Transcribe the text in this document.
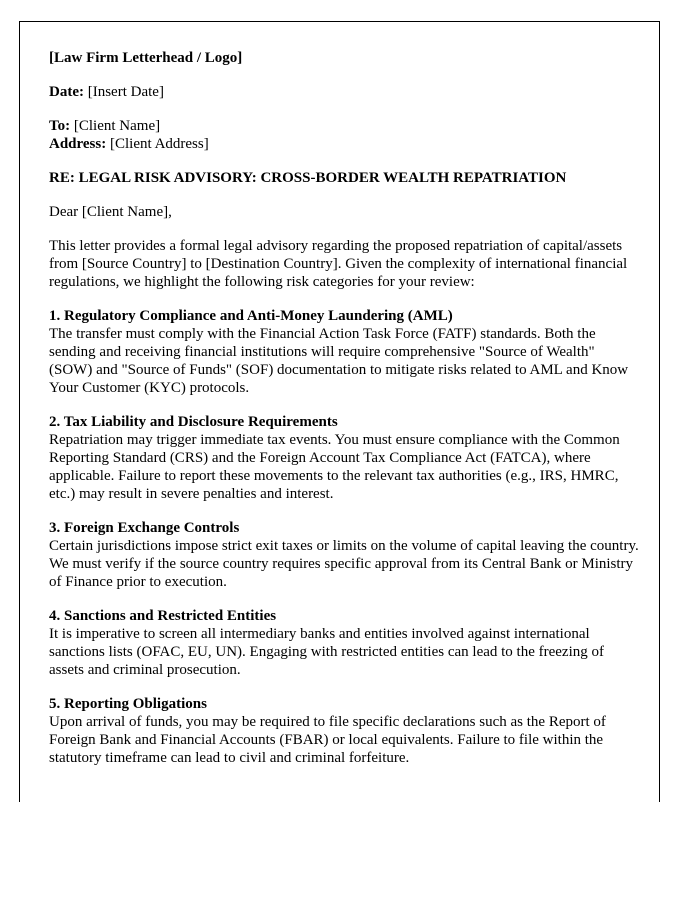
[Law Firm Letterhead / Logo]

Date: [Insert Date]

To: [Client Name]

Address: [Client Address]

RE: LEGAL RISK ADVISORY: CROSS-BORDER WEALTH REPATRIATION

Dear [Client Name],

This letter provides a formal legal advisory regarding the proposed repatriation of capital/assets from [Source Country] to [Destination Country]. Given the complexity of international financial regulations, we highlight the following risk categories for your review:

1. Regulatory Compliance and Anti-Money Laundering (AML)

The transfer must comply with the Financial Action Task Force (FATF) standards. Both the sending and receiving financial institutions will require comprehensive "Source of Wealth" (SOW) and "Source of Funds" (SOF) documentation to mitigate risks related to AML and Know Your Customer (KYC) protocols.

2. Tax Liability and Disclosure Requirements

Repatriation may trigger immediate tax events. You must ensure compliance with the Common Reporting Standard (CRS) and the Foreign Account Tax Compliance Act (FATCA), where applicable. Failure to report these movements to the relevant tax authorities (e.g., IRS, HMRC, etc.) may result in severe penalties and interest.

3. Foreign Exchange Controls

Certain jurisdictions impose strict exit taxes or limits on the volume of capital leaving the country. We must verify if the source country requires specific approval from its Central Bank or Ministry of Finance prior to execution.

4. Sanctions and Restricted Entities

It is imperative to screen all intermediary banks and entities involved against international sanctions lists (OFAC, EU, UN). Engaging with restricted entities can lead to the freezing of assets and criminal prosecution.

5. Reporting Obligations

Upon arrival of funds, you may be required to file specific declarations such as the Report of Foreign Bank and Financial Accounts (FBAR) or local equivalents. Failure to file within the statutory timeframe can lead to civil and criminal forfeiture.
